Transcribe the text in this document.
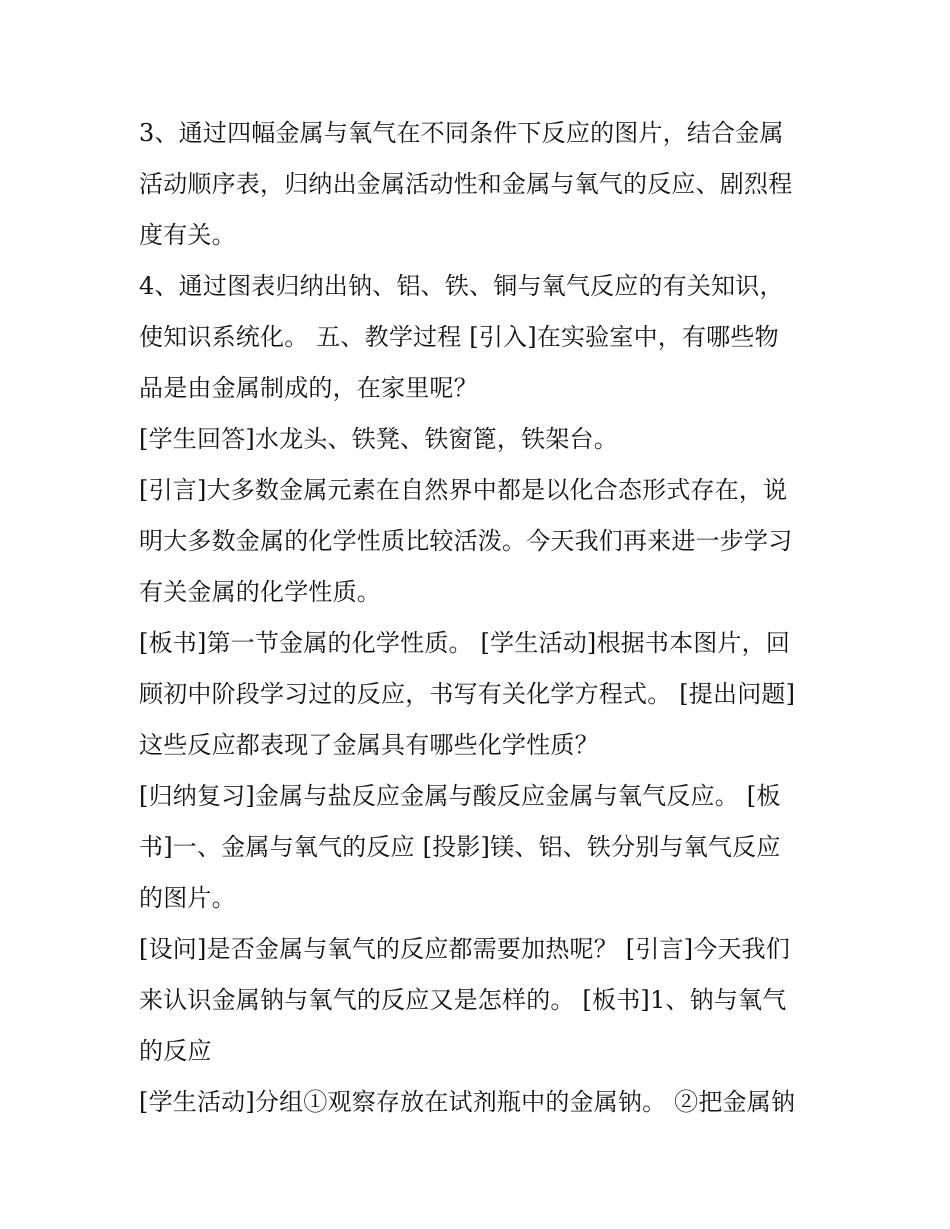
3、通过四幅金属与氧气在不同条件下反应的图片，结合金属
活动顺序表，归纳出金属活动性和金属与氧气的反应、剧烈程
度有关。
4、通过图表归纳出钠、铝、铁、铜与氧气反应的有关知识，
使知识系统化。 五、教学过程 [引入]在实验室中，有哪些物
品是由金属制成的，在家里呢？
[学生回答]水龙头、铁凳、铁窗篦，铁架台。
[引言]大多数金属元素在自然界中都是以化合态形式存在，说
明大多数金属的化学性质比较活泼。今天我们再来进一步学习
有关金属的化学性质。
[板书]第一节金属的化学性质。 [学生活动]根据书本图片，回
顾初中阶段学习过的反应，书写有关化学方程式。 [提出问题]
这些反应都表现了金属具有哪些化学性质？
[归纳复习]金属与盐反应金属与酸反应金属与氧气反应。 [板
书]一、金属与氧气的反应 [投影]镁、铝、铁分别与氧气反应
的图片。
[设问]是否金属与氧气的反应都需要加热呢？ [引言]今天我们
来认识金属钠与氧气的反应又是怎样的。 [板书]1、钠与氧气
的反应
[学生活动]分组①观察存放在试剂瓶中的金属钠。 ②把金属钠
